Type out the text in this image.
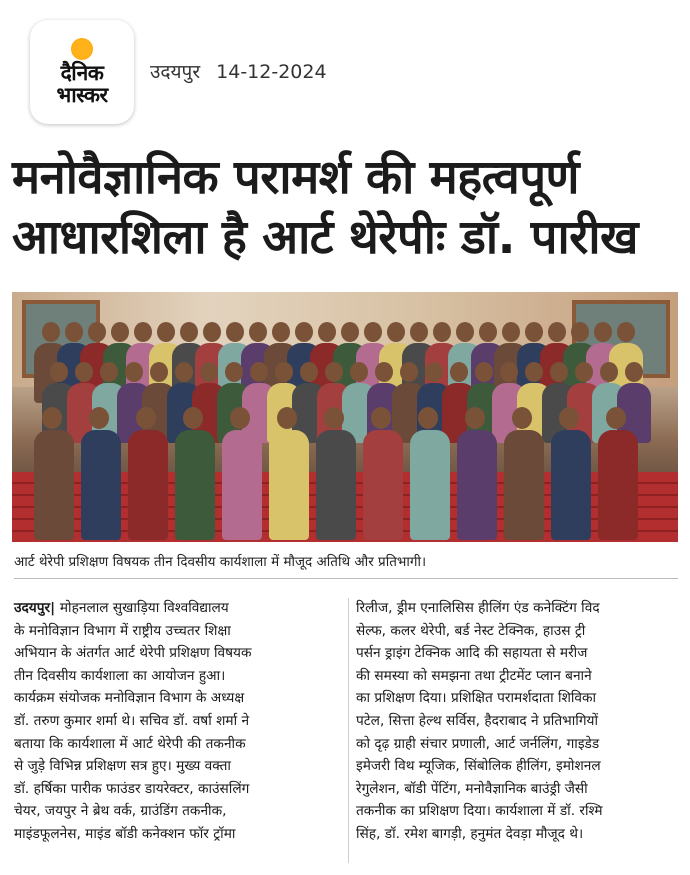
दैनिक
भास्कर
उदयपुर 14-12-2024
मनोवैज्ञानिक परामर्श की महत्वपूर्ण
आधारशिला है आर्ट थेरेपीः डॉ. पारीख
आर्ट थेरेपी प्रशिक्षण विषयक तीन दिवसीय कार्यशाला में मौजूद अतिथि और प्रतिभागी।
उदयपुर| मोहनलाल सुखाड़िया विश्वविद्यालय
के मनोविज्ञान विभाग में राष्ट्रीय उच्चतर शिक्षा
अभियान के अंतर्गत आर्ट थेरेपी प्रशिक्षण विषयक
तीन दिवसीय कार्यशाला का आयोजन हुआ।
कार्यक्रम संयोजक मनोविज्ञान विभाग के अध्यक्ष
डॉ. तरुण कुमार शर्मा थे। सचिव डॉ. वर्षा शर्मा ने
बताया कि कार्यशाला में आर्ट थेरेपी की तकनीक
से जुड़े विभिन्न प्रशिक्षण सत्र हुए। मुख्य वक्ता
डॉ. हर्षिका पारीक फाउंडर डायरेक्टर, काउंसलिंग
चेयर, जयपुर ने ब्रेथ वर्क, ग्राउंडिंग तकनीक,
माइंडफूलनेस, माइंड बॉडी कनेक्शन फॉर ट्रॉमा
रिलीज, ड्रीम एनालिसिस हीलिंग एंड कनेक्टिंग विद
सेल्फ, कलर थेरेपी, बर्ड नेस्ट टेक्निक, हाउस ट्री
पर्सन ड्राइंग टेक्निक आदि की सहायता से मरीज
की समस्या को समझना तथा ट्रीटमेंट प्लान बनाने
का प्रशिक्षण दिया। प्रशिक्षित परामर्शदाता शिविका
पटेल, सित्ता हेल्थ सर्विस, हैदराबाद ने प्रतिभागियों
को दृढ़ ग्राही संचार प्रणाली, आर्ट जर्नलिंग, गाइडेड
इमेजरी विथ म्यूजिक, सिंबोलिक हीलिंग, इमोशनल
रेगुलेशन, बॉडी पेंटिंग, मनोवैज्ञानिक बाउंड्री जैसी
तकनीक का प्रशिक्षण दिया। कार्यशाला में डॉ. रश्मि
सिंह, डॉ. रमेश बागड़ी, हनुमंत देवड़ा मौजूद थे।
